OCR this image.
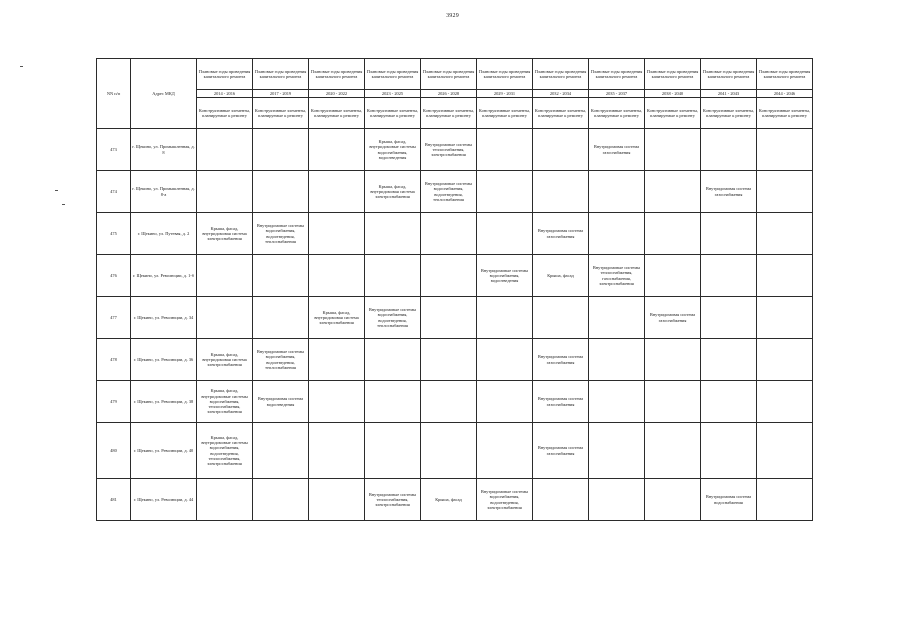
3929
NN п/п	Адрес МКД	Плановые годы проведения капитального ремонта	Плановые годы проведения капитального ремонта	Плановые годы проведения капитального ремонта	Плановые годы проведения капитального ремонта	Плановые годы проведения капитального ремонта	Плановые годы проведения капитального ремонта	Плановые годы проведения капитального ремонта	Плановые годы проведения капитального ремонта	Плановые годы проведения капитального ремонта	Плановые годы проведения капитального ремонта	Плановые годы проведения капитального ремонта
		2014 - 2016	2017 - 2019	2020 - 2022	2023 - 2025	2026 - 2028	2029 - 2031	2032 - 2034	2035 - 2037	2038 - 2040	2041 - 2043	2044 - 2046
		Конструктивные элементы, планируемые к ремонту	Конструктивные элементы, планируемые к ремонту	Конструктивные элементы, планируемые к ремонту	Конструктивные элементы, планируемые к ремонту	Конструктивные элементы, планируемые к ремонту	Конструктивные элементы, планируемые к ремонту	Конструктивные элементы, планируемые к ремонту	Конструктивные элементы, планируемые к ремонту	Конструктивные элементы, планируемые к ремонту	Конструктивные элементы, планируемые к ремонту	Конструктивные элементы, планируемые к ремонту
473	г. Щекино, ул. Промышленная, д. 8				Крыша, фасад, внутридомовые системы водоснабжения, водоотведения	Внутридомовые системы теплоснабжения, электроснабжения			Внутридомовая система газоснабжения			
474	г. Щекино, ул. Промышленная, д. 8-а				Крыша, фасад, внутридомовая система электроснабжения	Внутридомовые системы водоснабжения, водоотведения, теплоснабжения					Внутридомовая система газоснабжения	
475	г. Щекино, ул. Путевая, д. 2	Крыша, фасад, внутридомовая система электроснабжения	Внутридомовые системы водоснабжения, водоотведения, теплоснабжения					Внутридомовая система газоснабжения				
476	г. Щекино, ул. Революции, д. 1-б						Внутридомовые системы водоснабжения, водоотведения	Крыша, фасад	Внутридомовые системы теплоснабжения, газоснабжения, электроснабжения			
477	г. Щекино, ул. Революции, д. 34			Крыша, фасад, внутридомовая система электроснабжения	Внутридомовые системы водоснабжения, водоотведения, теплоснабжения					Внутридомовая система газоснабжения		
478	г. Щекино, ул. Революции, д. 36	Крыша, фасад, внутридомовая система электроснабжения	Внутридомовые системы водоснабжения, водоотведения, теплоснабжения					Внутридомовая система газоснабжения				
479	г. Щекино, ул. Революции, д. 38	Крыша, фасад, внутридомовые системы водоснабжения, теплоснабжения, электроснабжения	Внутридомовая система водоотведения					Внутридомовая система газоснабжения				
480	г. Щекино, ул. Революции, д. 40	Крыша, фасад, внутридомовые системы водоснабжения, водоотведения, теплоснабжения, электроснабжения						Внутридомовая система газоснабжения				
481	г. Щекино, ул. Революции, д. 44				Внутридомовые системы теплоснабжения, электроснабжения	Крыша, фасад	Внутридомовые системы водоснабжения, водоотведения, электроснабжения				Внутридомовая система водоснабжения	
